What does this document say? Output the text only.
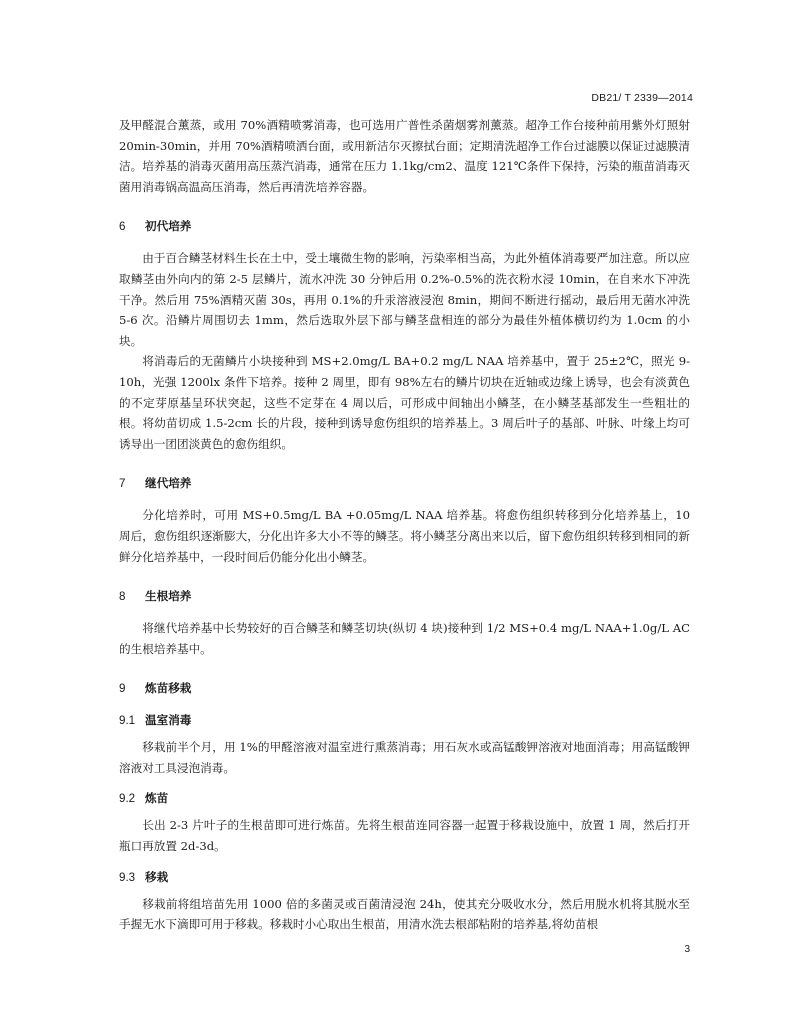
DB21/ T 2339—2014

及甲醛混合薰蒸，或用 70%酒精喷雾消毒，也可选用广普性杀菌烟雾剂薰蒸。超净工作台接种前用紫外灯照射 20min-30min，并用 70%酒精喷洒台面，或用新洁尔灭擦拭台面；定期清洗超净工作台过滤膜以保证过滤膜清洁。培养基的消毒灭菌用高压蒸汽消毒，通常在压力 1.1kg/cm2、温度 121℃条件下保持，污染的瓶苗消毒灭菌用消毒锅高温高压消毒，然后再清洗培养容器。

6 初代培养

由于百合鳞茎材料生长在土中，受土壤微生物的影响，污染率相当高，为此外植体消毒要严加注意。所以应取鳞茎由外向内的第 2-5 层鳞片，流水冲洗 30 分钟后用 0.2%-0.5%的洗衣粉水浸 10min，在自来水下冲洗干净。然后用 75%酒精灭菌 30s，再用 0.1%的升汞溶液浸泡 8min，期间不断进行摇动，最后用无菌水冲洗 5-6 次。沿鳞片周围切去 1mm，然后选取外层下部与鳞茎盘相连的部分为最佳外植体横切约为 1.0cm 的小块。

将消毒后的无菌鳞片小块接种到 MS+2.0mg/L BA+0.2 mg/L NAA 培养基中，置于 25±2℃，照光 9-10h，光强 1200lx 条件下培养。接种 2 周里，即有 98%左右的鳞片切块在近轴或边缘上诱导，也会有淡黄色的不定芽原基呈环状突起，这些不定芽在 4 周以后，可形成中间轴出小鳞茎，在小鳞茎基部发生一些粗壮的根。将幼苗切成 1.5-2cm 长的片段，接种到诱导愈伤组织的培养基上。3 周后叶子的基部、叶脉、叶缘上均可诱导出一团团淡黄色的愈伤组织。

7 继代培养

分化培养时，可用 MS+0.5mg/L BA +0.05mg/L NAA 培养基。将愈伤组织转移到分化培养基上，10 周后，愈伤组织逐渐膨大，分化出许多大小不等的鳞茎。将小鳞茎分离出来以后，留下愈伤组织转移到相同的新鲜分化培养基中，一段时间后仍能分化出小鳞茎。

8 生根培养

将继代培养基中长势较好的百合鳞茎和鳞茎切块(纵切 4 块)接种到 1/2 MS+0.4 mg/L NAA+1.0g/L AC 的生根培养基中。

9 炼苗移栽
9.1 温室消毒

移栽前半个月，用 1%的甲醛溶液对温室进行熏蒸消毒；用石灰水或高锰酸钾溶液对地面消毒；用高锰酸钾溶液对工具浸泡消毒。

9.2 炼苗

长出 2-3 片叶子的生根苗即可进行炼苗。先将生根苗连同容器一起置于移栽设施中，放置 1 周，然后打开瓶口再放置 2d-3d。

9.3 移栽

移栽前将组培苗先用 1000 倍的多菌灵或百菌清浸泡 24h，使其充分吸收水分，然后用脱水机将其脱水至手握无水下滴即可用于移栽。移栽时小心取出生根苗，用清水洗去根部粘附的培养基,将幼苗根

3
